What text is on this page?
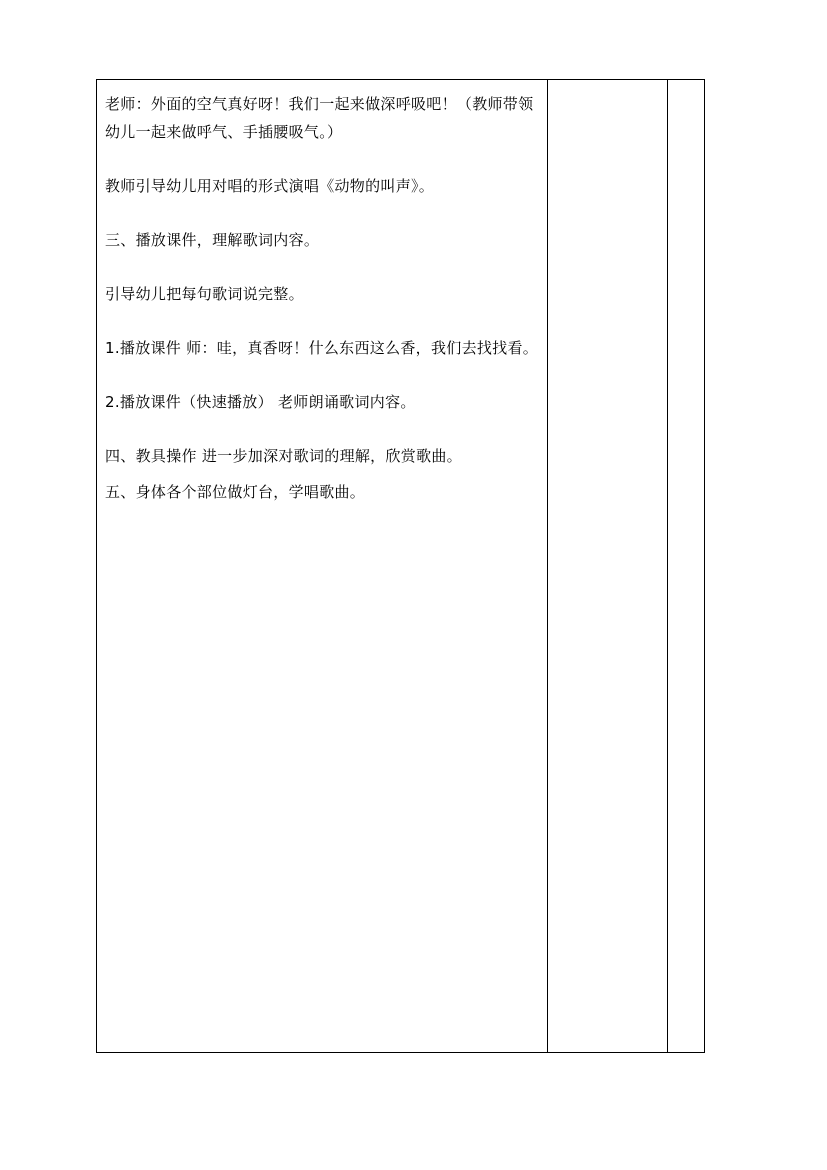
老师：外面的空气真好呀！我们一起来做深呼吸吧！（教师带领幼儿一起来做呼气、手插腰吸气。）

教师引导幼儿用对唱的形式演唱《动物的叫声》。

三、播放课件，理解歌词内容。

引导幼儿把每句歌词说完整。

1.播放课件 师：哇，真香呀！什么东西这么香，我们去找找看。

2.播放课件（快速播放） 老师朗诵歌词内容。

四、教具操作 进一步加深对歌词的理解，欣赏歌曲。

五、身体各个部位做灯台，学唱歌曲。
